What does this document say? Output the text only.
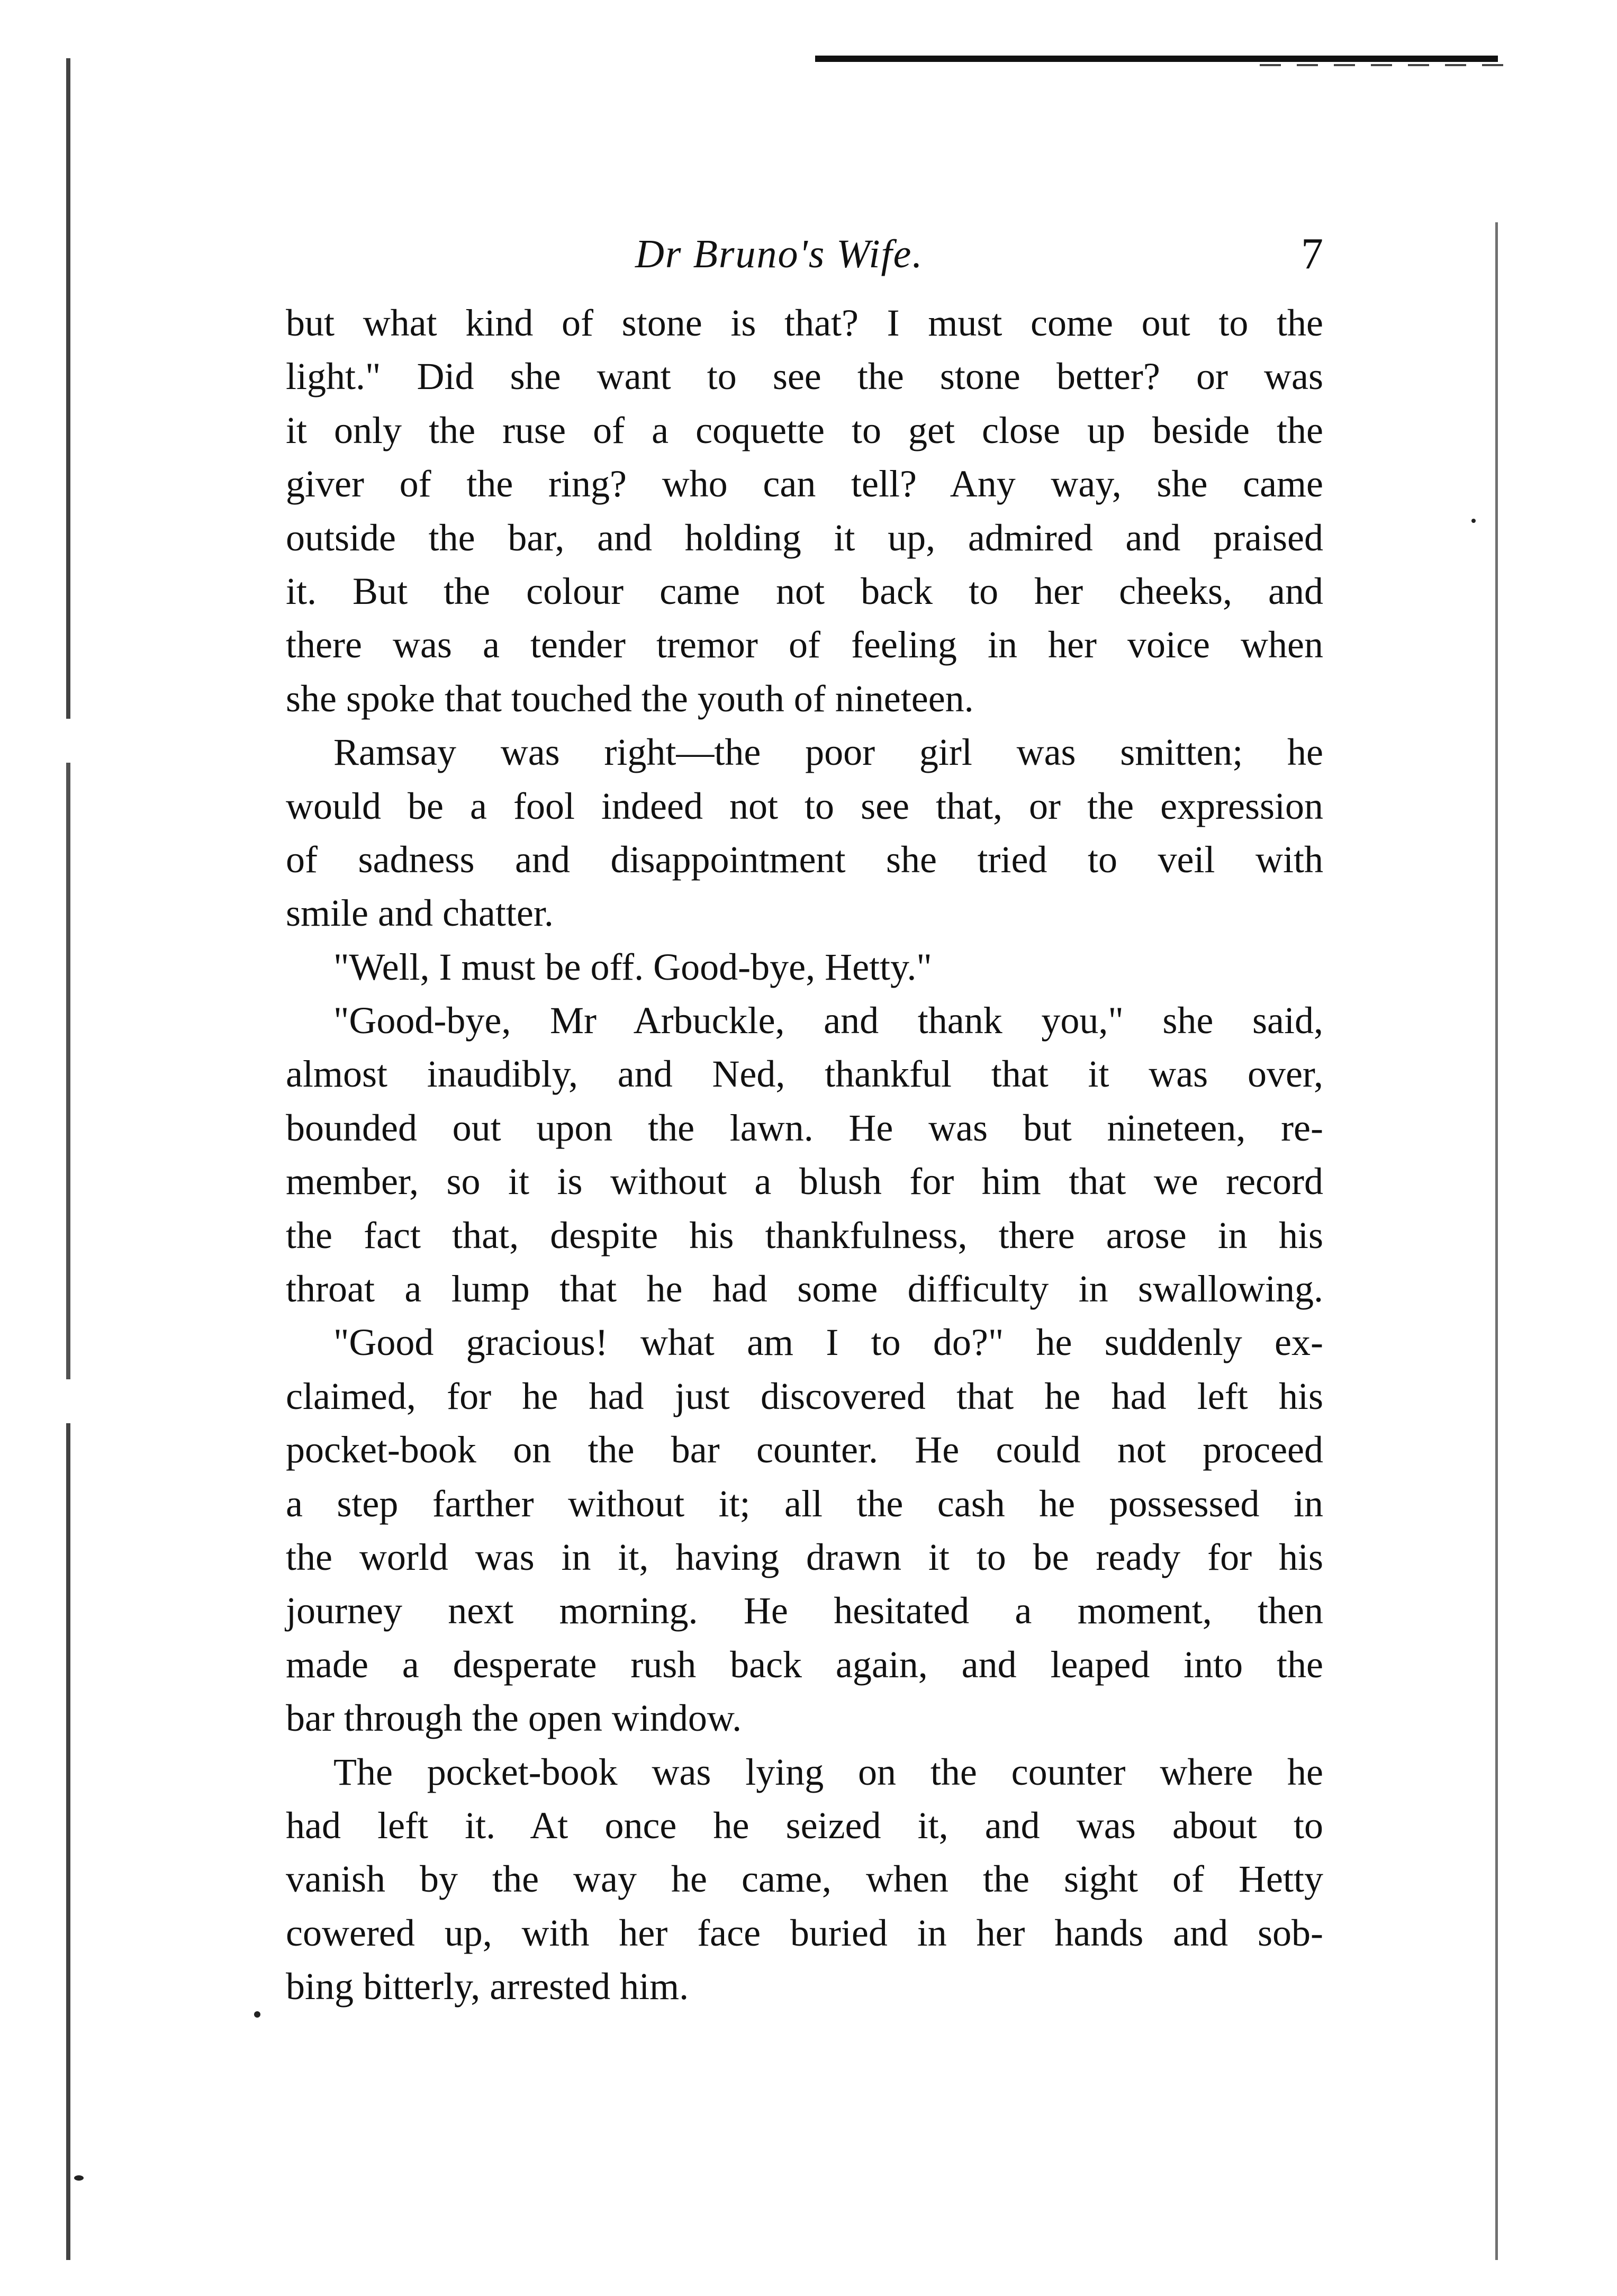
Dr Bruno's Wife.	7

but what kind of stone is that? I must come out to the
light." Did she want to see the stone better? or was
it only the ruse of a coquette to get close up beside the
giver of the ring? who can tell? Any way, she came
outside the bar, and holding it up, admired and praised
it. But the colour came not back to her cheeks, and
there was a tender tremor of feeling in her voice when
she spoke that touched the youth of nineteen.

Ramsay was right—the poor girl was smitten; he
would be a fool indeed not to see that, or the expression
of sadness and disappointment she tried to veil with
smile and chatter.

"Well, I must be off. Good-bye, Hetty."

"Good-bye, Mr Arbuckle, and thank you," she said,
almost inaudibly, and Ned, thankful that it was over,
bounded out upon the lawn. He was but nineteen, re-
member, so it is without a blush for him that we record
the fact that, despite his thankfulness, there arose in his
throat a lump that he had some difficulty in swallowing.

"Good gracious! what am I to do?" he suddenly ex-
claimed, for he had just discovered that he had left his
pocket-book on the bar counter. He could not proceed
a step farther without it; all the cash he possessed in
the world was in it, having drawn it to be ready for his
journey next morning. He hesitated a moment, then
made a desperate rush back again, and leaped into the
bar through the open window.

The pocket-book was lying on the counter where he
had left it. At once he seized it, and was about to
vanish by the way he came, when the sight of Hetty
cowered up, with her face buried in her hands and sob-
bing bitterly, arrested him.
